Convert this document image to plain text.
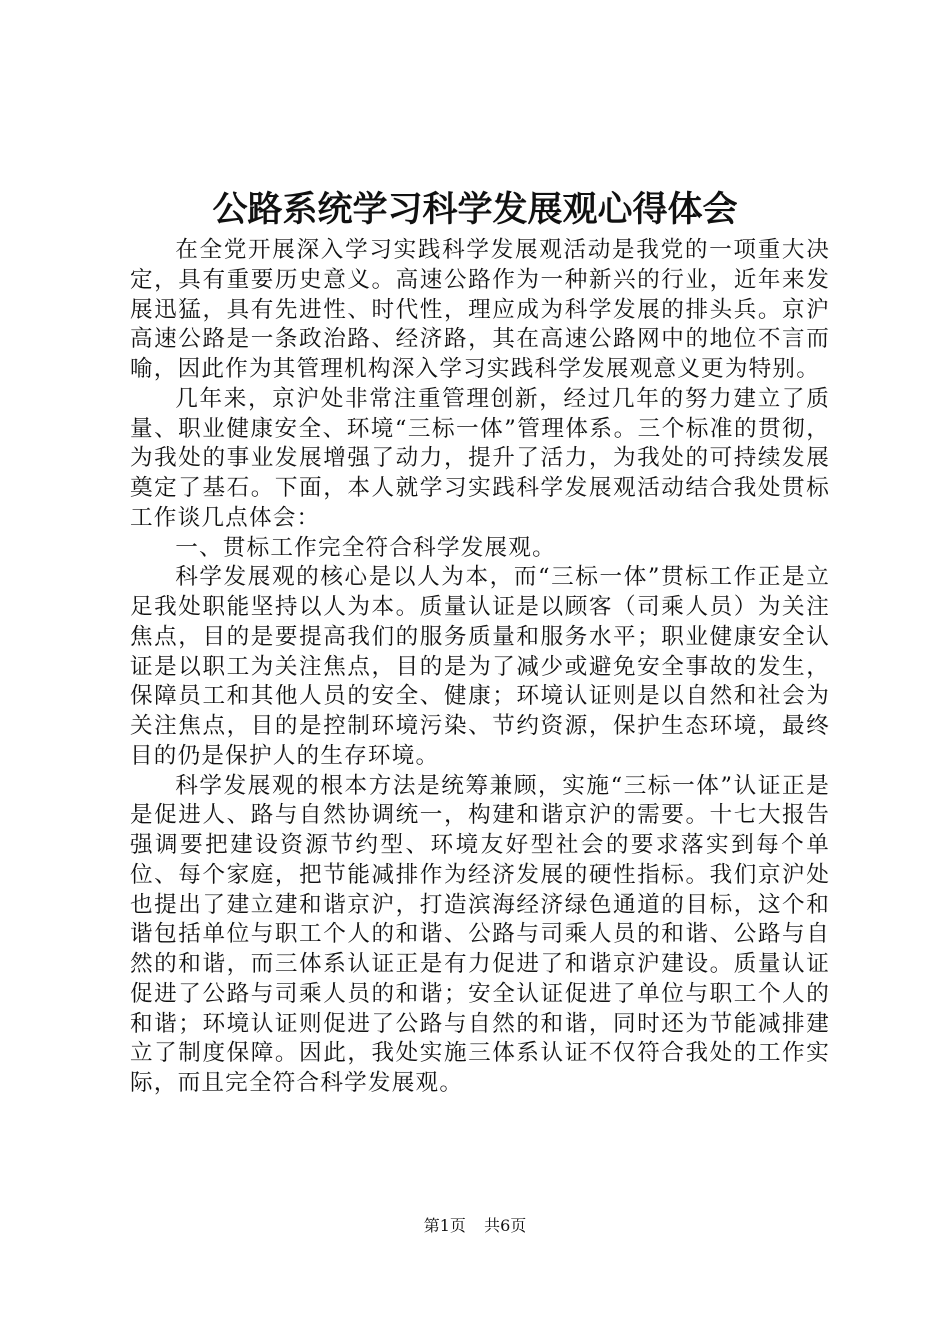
公路系统学习科学发展观心得体会

在全党开展深入学习实践科学发展观活动是我党的一项重大决定，具有重要历史意义。高速公路作为一种新兴的行业，近年来发展迅猛，具有先进性、时代性，理应成为科学发展的排头兵。京沪高速公路是一条政治路、经济路，其在高速公路网中的地位不言而喻，因此作为其管理机构深入学习实践科学发展观意义更为特别。

几年来，京沪处非常注重管理创新，经过几年的努力建立了质量、职业健康安全、环境“三标一体”管理体系。三个标准的贯彻，为我处的事业发展增强了动力，提升了活力，为我处的可持续发展奠定了基石。下面，本人就学习实践科学发展观活动结合我处贯标工作谈几点体会：

一、贯标工作完全符合科学发展观。

科学发展观的核心是以人为本，而“三标一体”贯标工作正是立足我处职能坚持以人为本。质量认证是以顾客（司乘人员）为关注焦点，目的是要提高我们的服务质量和服务水平；职业健康安全认证是以职工为关注焦点，目的是为了减少或避免安全事故的发生，保障员工和其他人员的安全、健康；环境认证则是以自然和社会为关注焦点，目的是控制环境污染、节约资源，保护生态环境，最终目的仍是保护人的生存环境。

科学发展观的根本方法是统筹兼顾，实施“三标一体”认证正是是促进人、路与自然协调统一，构建和谐京沪的需要。十七大报告强调要把建设资源节约型、环境友好型社会的要求落实到每个单位、每个家庭，把节能减排作为经济发展的硬性指标。我们京沪处也提出了建立建和谐京沪，打造滨海经济绿色通道的目标，这个和谐包括单位与职工个人的和谐、公路与司乘人员的和谐、公路与自然的和谐，而三体系认证正是有力促进了和谐京沪建设。质量认证促进了公路与司乘人员的和谐；安全认证促进了单位与职工个人的和谐；环境认证则促进了公路与自然的和谐，同时还为节能减排建立了制度保障。因此，我处实施三体系认证不仅符合我处的工作实际，而且完全符合科学发展观。

第1页 共6页
